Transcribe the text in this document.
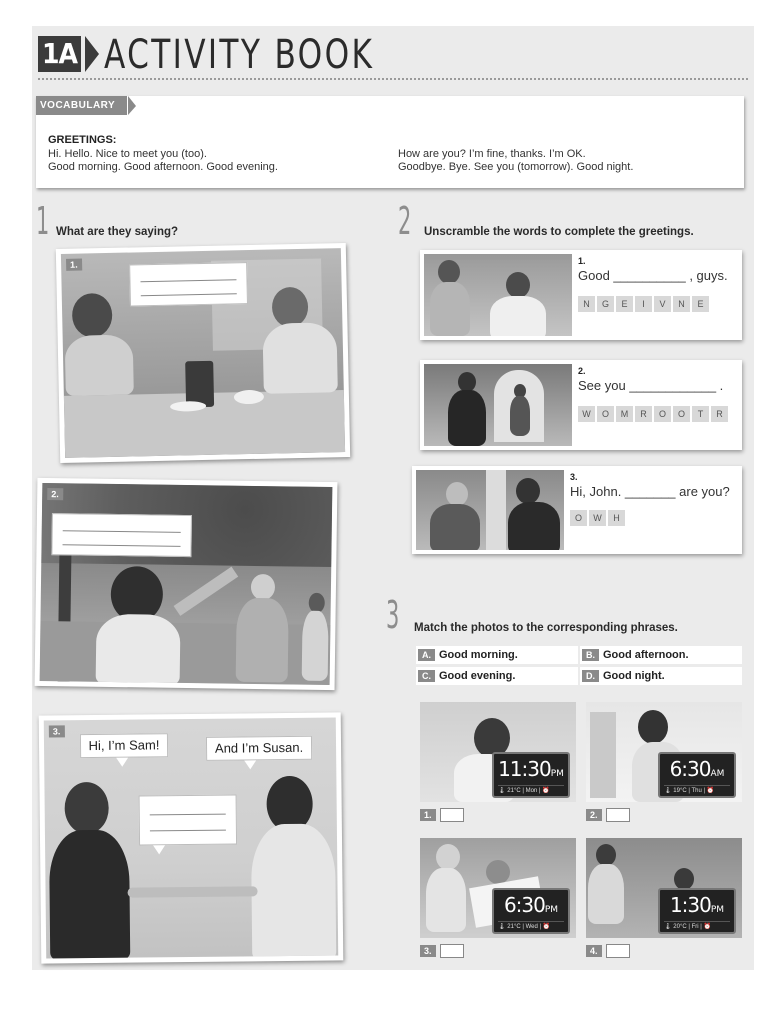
1A ACTIVITY BOOK
VOCABULARY
GREETINGS:
Hi. Hello. Nice to meet you (too).
Good morning. Good afternoon. Good evening.
How are you? I’m fine, thanks. I’m OK.
Goodbye. Bye. See you (tomorrow). Good night.
1 What are they saying?
1.
2.
3.
Hi, I’m Sam!	And I’m Susan.
2 Unscramble the words to complete the greetings.
1.
Good __________ , guys.
N	G	E	I	V	N	E
2.
See you ____________ .
W	O	M	R	O	O	T	R
3.
Hi, John. _______ are you?
O	W	H
3 Match the photos to the corresponding phrases.
A. Good morning.	B. Good afternoon.
C. Good evening.	D. Good night.
11:30PM
🌡 21°C | Mon | ⏰
1.
6:30AM
🌡 19°C | Thu | ⏰
2.
6:30PM
🌡 21°C | Wed | ⏰
3.
1:30PM
🌡 20°C | Fri | ⏰
4.
